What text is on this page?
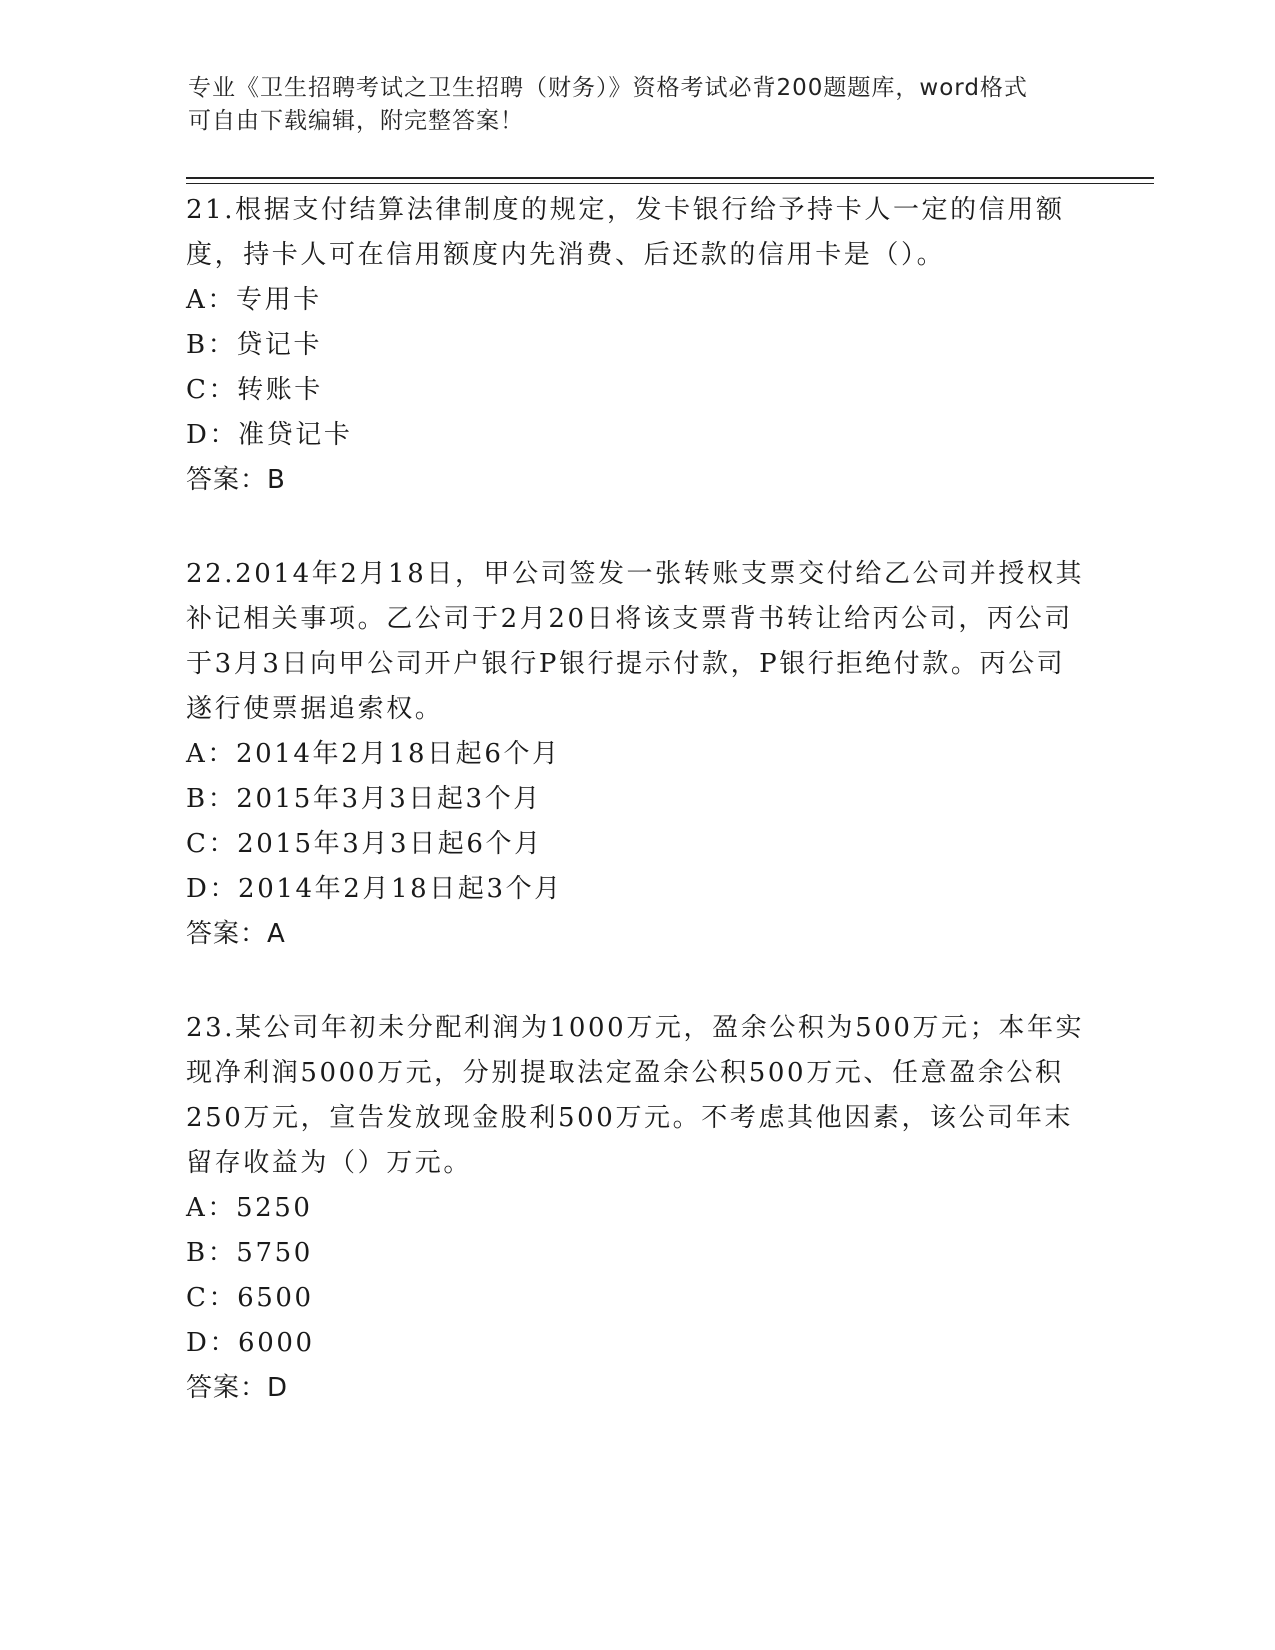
专业《卫生招聘考试之卫生招聘（财务）》资格考试必背200题题库，word格式
可自由下载编辑，附完整答案！
21.根据支付结算法律制度的规定，发卡银行给予持卡人一定的信用额度，持卡人可在信用额度内先消费、后还款的信用卡是（）。
A：专用卡
B：贷记卡
C：转账卡
D：准贷记卡
答案：B
22.2014年2月18日，甲公司签发一张转账支票交付给乙公司并授权其补记相关事项。乙公司于2月20日将该支票背书转让给丙公司，丙公司于3月3日向甲公司开户银行P银行提示付款，P银行拒绝付款。丙公司遂行使票据追索权。
A：2014年2月18日起6个月
B：2015年3月3日起3个月
C：2015年3月3日起6个月
D：2014年2月18日起3个月
答案：A
23.某公司年初未分配利润为1000万元，盈余公积为500万元；本年实现净利润5000万元，分别提取法定盈余公积500万元、任意盈余公积250万元，宣告发放现金股利500万元。不考虑其他因素，该公司年末留存收益为（）万元。
A：5250
B：5750
C：6500
D：6000
答案：D
